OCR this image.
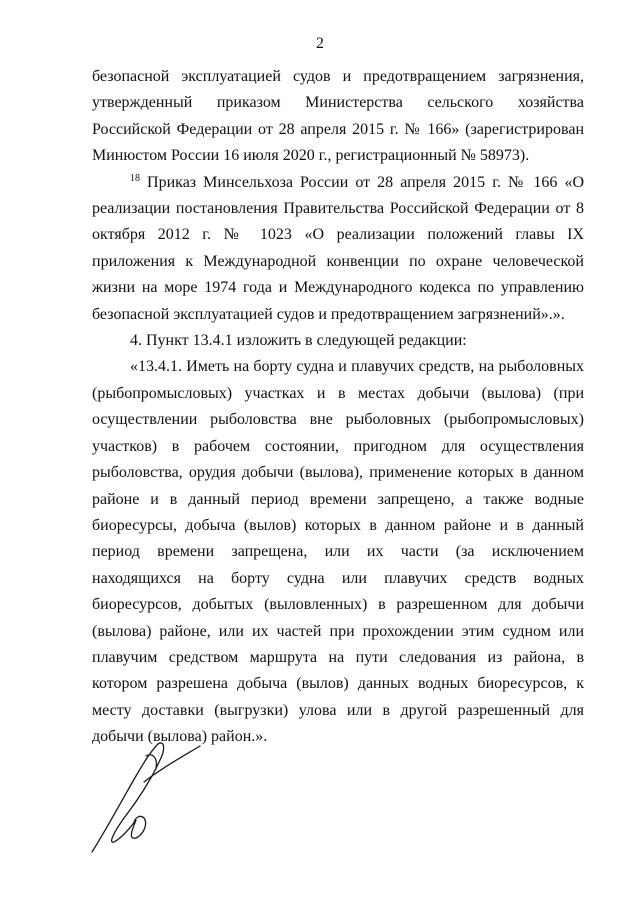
2

безопасной эксплуатацией судов и предотвращением загрязнения, утвержденный приказом Министерства сельского хозяйства Российской Федерации от 28 апреля 2015 г. № 166» (зарегистрирован Минюстом России 16 июля 2020 г., регистрационный № 58973).

$^{18}$ Приказ Минсельхоза России от 28 апреля 2015 г. № 166 «О реализации постановления Правительства Российской Федерации от 8 октября 2012 г. № 1023 «О реализации положений главы IX приложения к Международной конвенции по охране человеческой жизни на море 1974 года и Международного кодекса по управлению безопасной эксплуатацией судов и предотвращением загрязнений».».

4. Пункт 13.4.1 изложить в следующей редакции:

«13.4.1. Иметь на борту судна и плавучих средств, на рыболовных (рыбопромысловых) участках и в местах добычи (вылова) (при осуществлении рыболовства вне рыболовных (рыбопромысловых) участков) в рабочем состоянии, пригодном для осуществления рыболовства, орудия добычи (вылова), применение которых в данном районе и в данный период времени запрещено, а также водные биоресурсы, добыча (вылов) которых в данном районе и в данный период времени запрещена, или их части (за исключением находящихся на борту судна или плавучих средств водных биоресурсов, добытых (выловленных) в разрешенном для добычи (вылова) районе, или их частей при прохождении этим судном или плавучим средством маршрута на пути следования из района, в котором разрешена добыча (вылов) данных водных биоресурсов, к месту доставки (выгрузки) улова или в другой разрешенный для добычи (вылова) район.».
